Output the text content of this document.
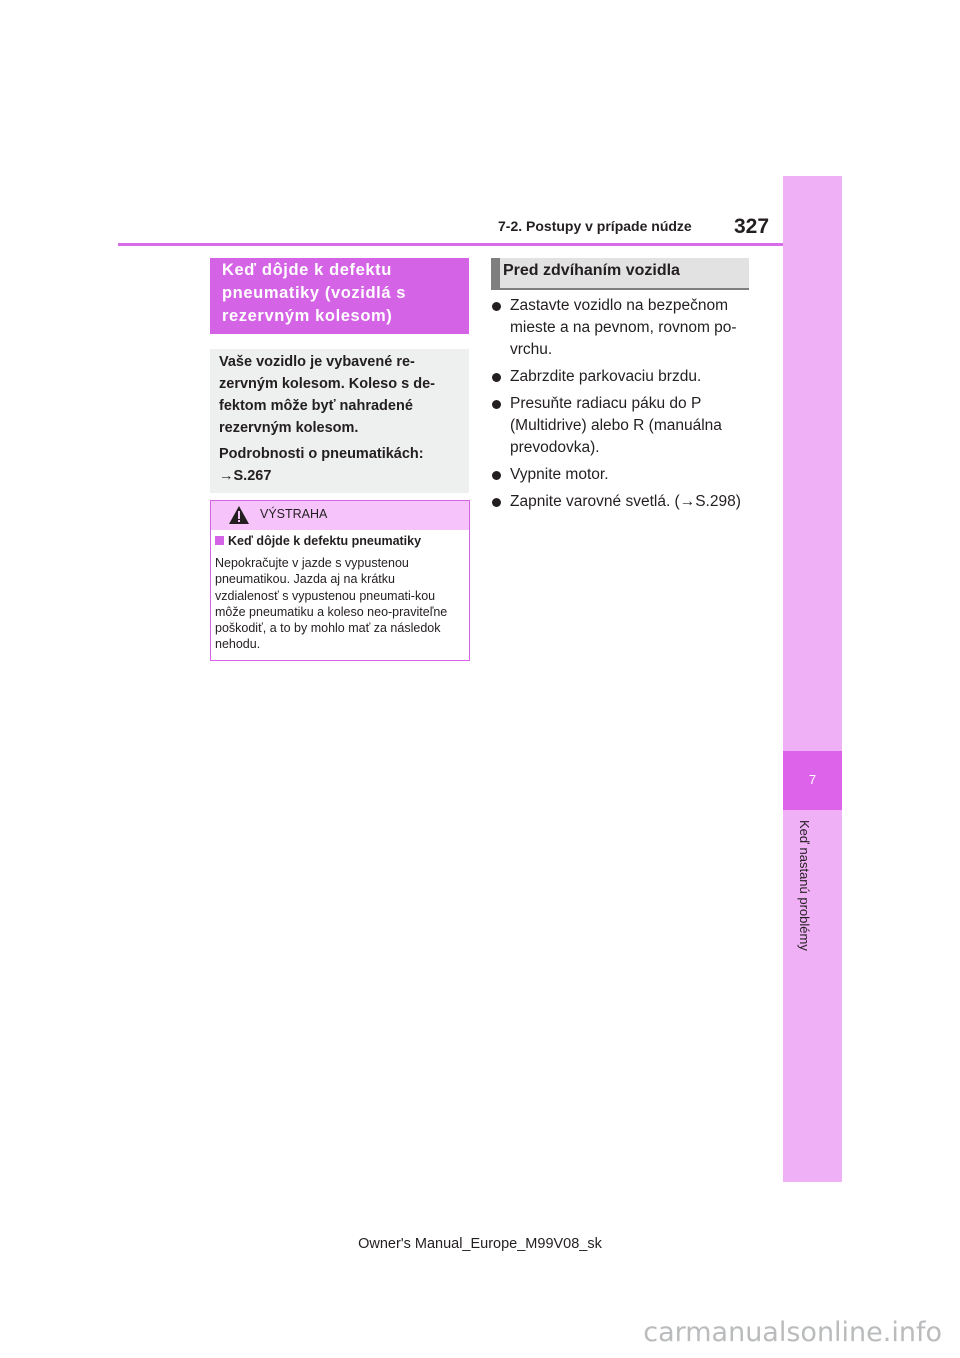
7-2. Postupy v prípade núdze 327
7
Keď nastanú problémy
Keď dôjde k defektu pneumatiky (vozidlá s rezervným kolesom)
Vaše vozidlo je vybavené re-zervným kolesom. Koleso s de-fektom môže byť nahradené rezervným kolesom.
Podrobnosti o pneumatikách: →S.267
VÝSTRAHA
Keď dôjde k defektu pneumatiky
Nepokračujte v jazde s vypustenou pneumatikou. Jazda aj na krátku vzdialenosť s vypustenou pneumati-kou môže pneumatiku a koleso neo-praviteľne poškodiť, a to by mohlo mať za následok nehodu.
Pred zdvíhaním vozidla
Zastavte vozidlo na bezpečnom mieste a na pevnom, rovnom po-vrchu.
Zabrzdite parkovaciu brzdu.
Presuňte radiacu páku do P (Multidrive) alebo R (manuálna prevodovka).
Vypnite motor.
Zapnite varovné svetlá. (→S.298)
Owner's Manual_Europe_M99V08_sk
carmanualsonline.info
